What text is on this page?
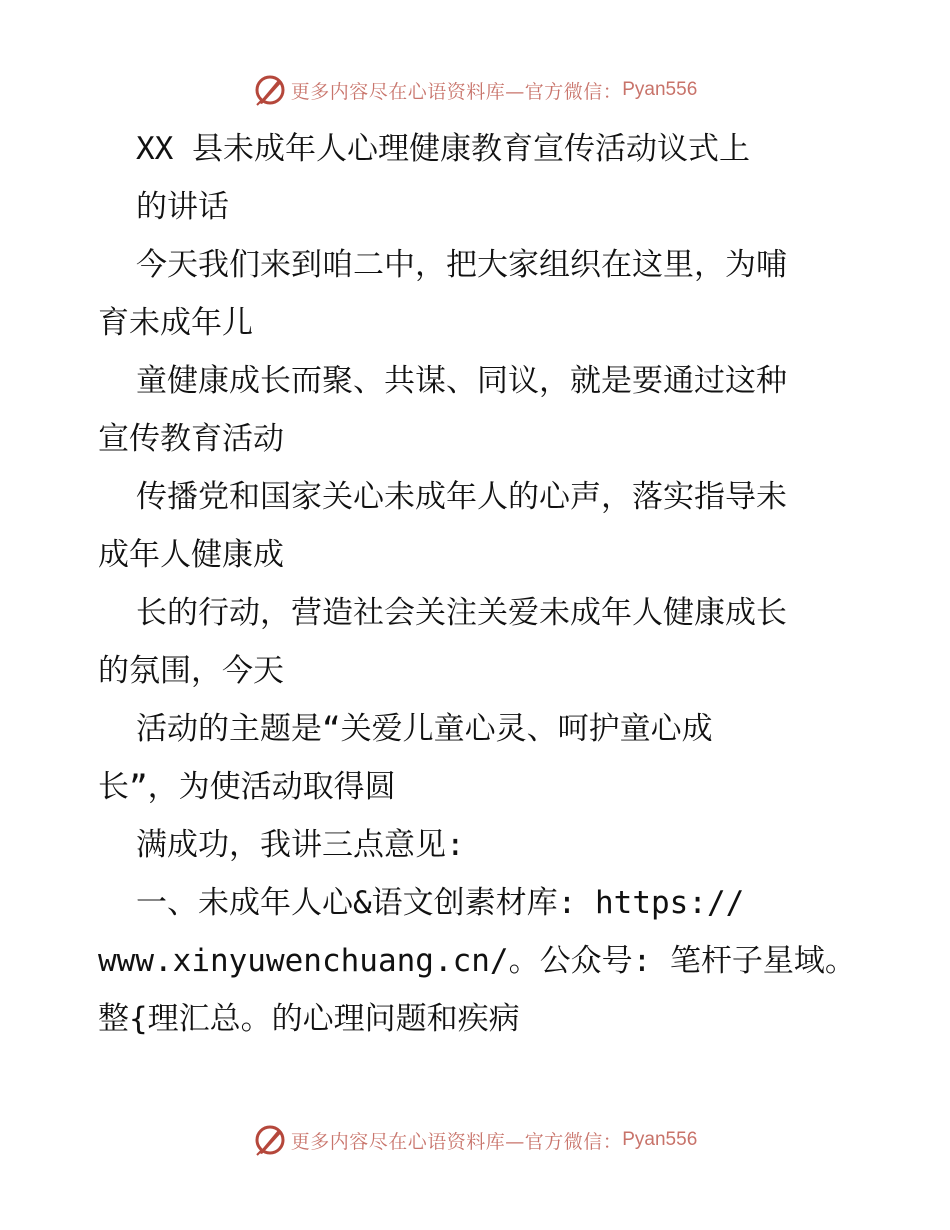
更多内容尽在心语资料库—官方微信： Pyan556
XX 县未成年人心理健康教育宣传活动议式上
的讲话
今天我们来到咱二中，把大家组织在这里，为哺
育未成年儿
童健康成长而聚、共谋、同议，就是要通过这种
宣传教育活动
传播党和国家关心未成年人的心声，落实指导未
成年人健康成
长的行动，营造社会关注关爱未成年人健康成长
的氛围，今天
活动的主题是“关爱儿童心灵、呵护童心成
长”，为使活动取得圆
满成功，我讲三点意见:
一、未成年人心&语文创素材库: https://
www.xinyuwenchuang.cn/。公众号: 笔杆子星域。
整{理汇总。的心理问题和疾病
更多内容尽在心语资料库—官方微信： Pyan556
